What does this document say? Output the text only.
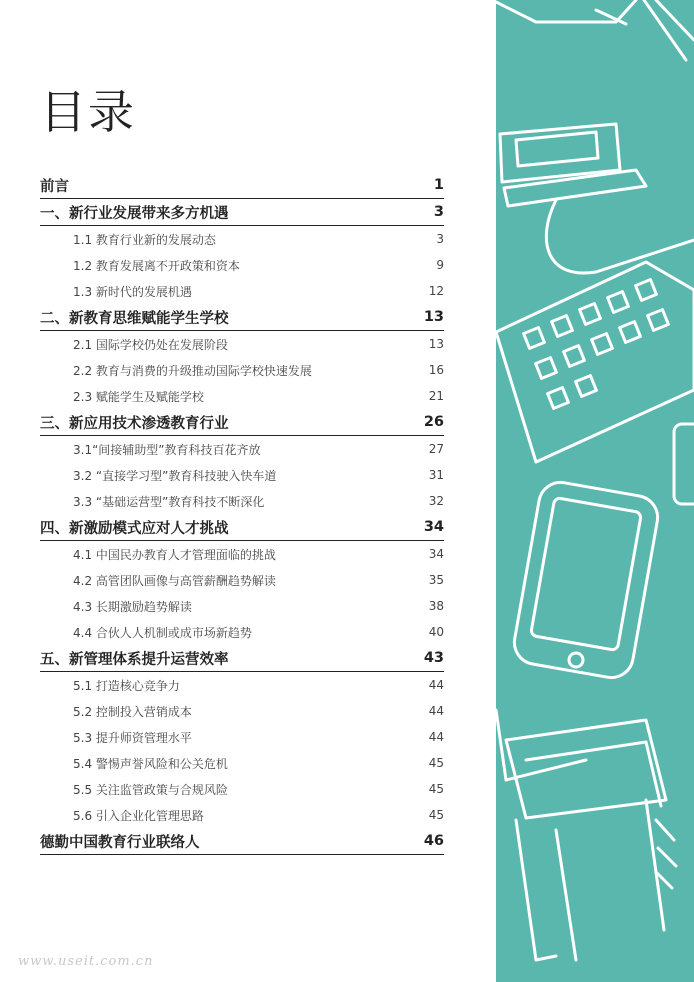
目录
前言	1
一、新行业发展带来多方机遇	3
1.1 教育行业新的发展动态	3
1.2 教育发展离不开政策和资本	9
1.3 新时代的发展机遇	12
二、新教育思维赋能学生学校	13
2.1 国际学校仍处在发展阶段	13
2.2 教育与消费的升级推动国际学校快速发展	16
2.3 赋能学生及赋能学校	21
三、新应用技术渗透教育行业	26
3.1“间接辅助型”教育科技百花齐放	27
3.2 “直接学习型”教育科技驶入快车道	31
3.3 “基础运营型”教育科技不断深化	32
四、新激励模式应对人才挑战	34
4.1 中国民办教育人才管理面临的挑战	34
4.2 高管团队画像与高管薪酬趋势解读	35
4.3 长期激励趋势解读	38
4.4 合伙人人机制或成市场新趋势	40
五、新管理体系提升运营效率	43
5.1 打造核心竞争力	44
5.2 控制投入营销成本	44
5.3 提升师资管理水平	44
5.4 警惕声誉风险和公关危机	45
5.5 关注监管政策与合规风险	45
5.6 引入企业化管理思路	45
德勤中国教育行业联络人	46
www.useit.com.cn
